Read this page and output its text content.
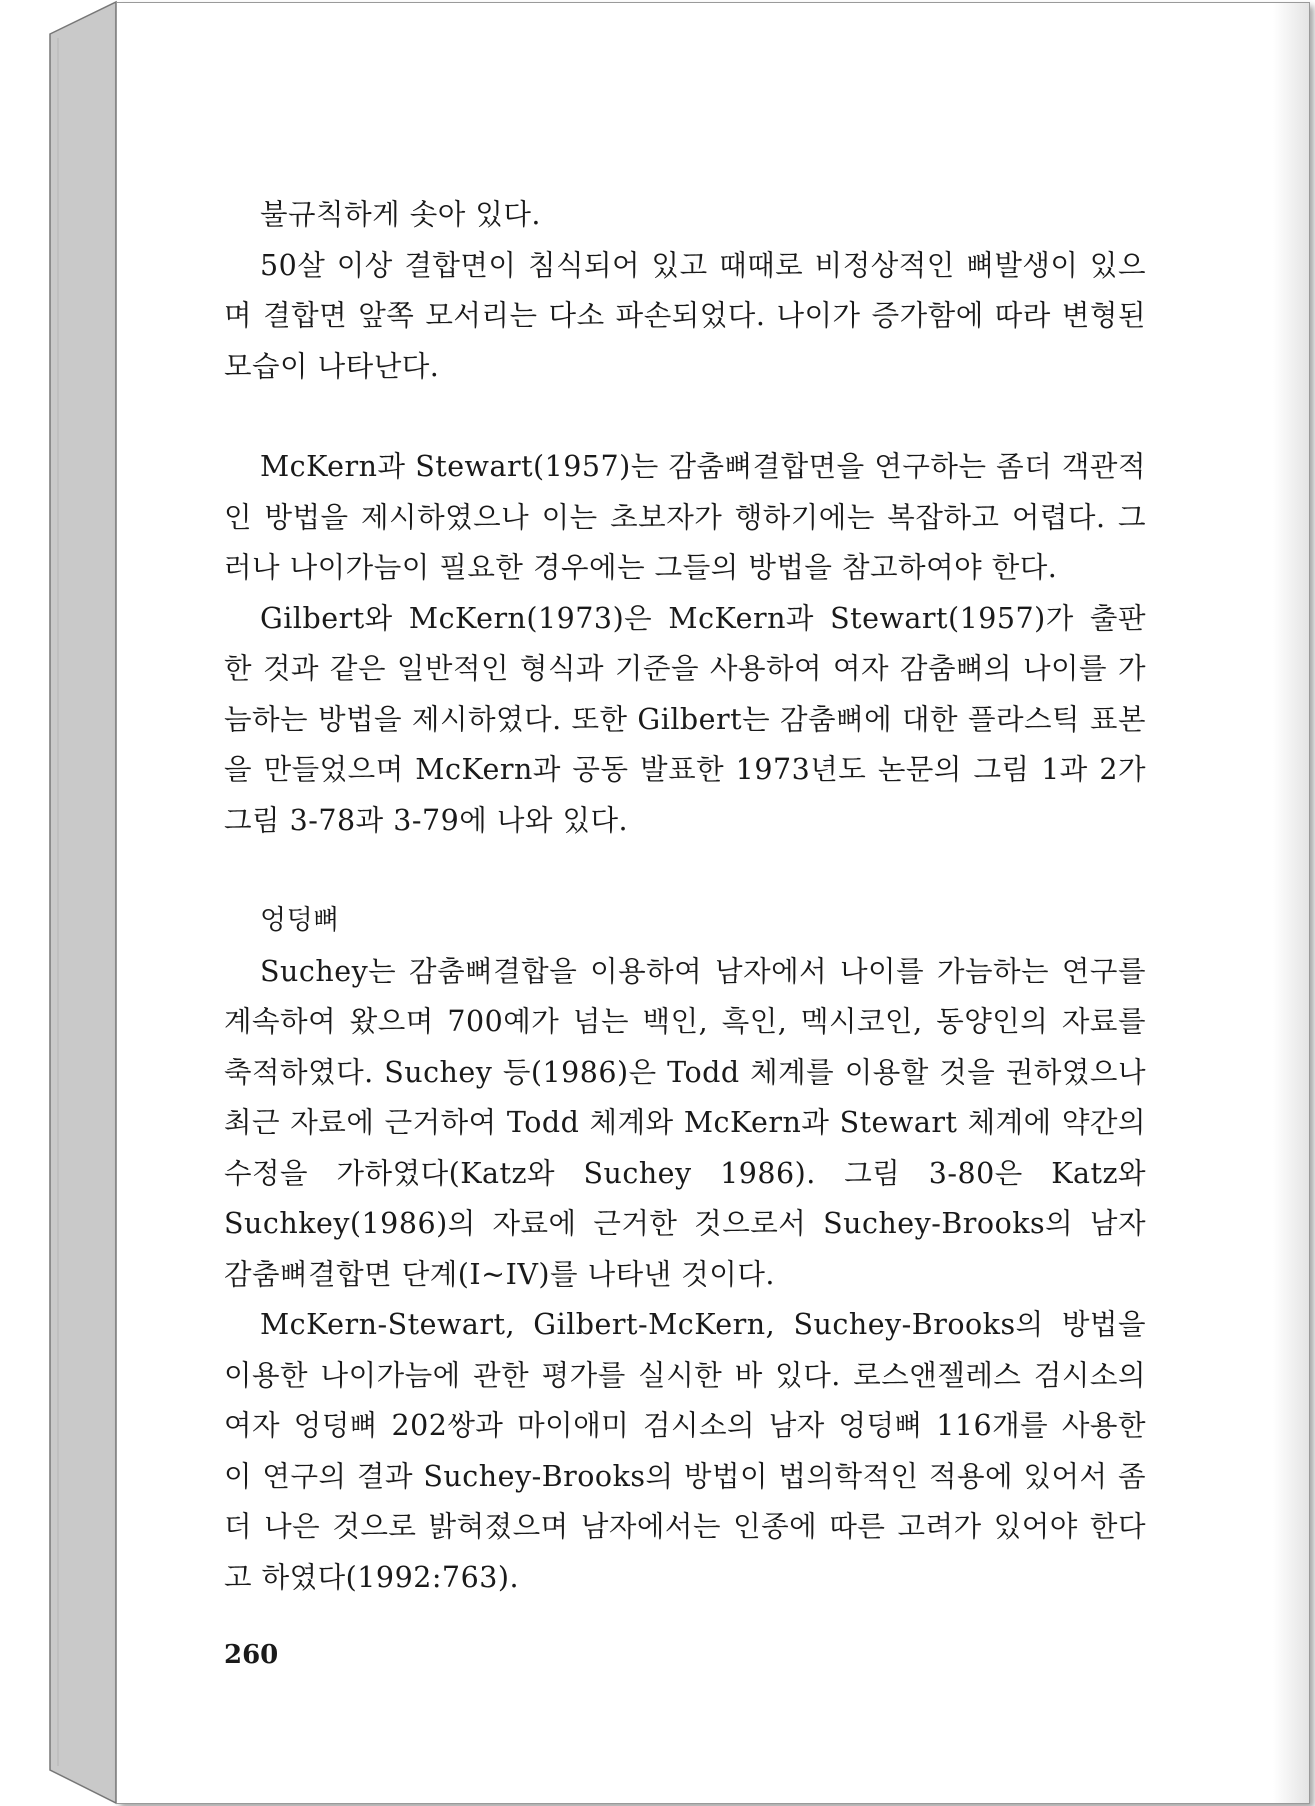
불규칙하게 솟아 있다.

50살 이상 결합면이 침식되어 있고 때때로 비정상적인 뼈발생이 있으며 결합면 앞쪽 모서리는 다소 파손되었다. 나이가 증가함에 따라 변형된 모습이 나타난다.

McKern과 Stewart(1957)는 감춤뼈결합면을 연구하는 좀더 객관적인 방법을 제시하였으나 이는 초보자가 행하기에는 복잡하고 어렵다. 그러나 나이가늠이 필요한 경우에는 그들의 방법을 참고하여야 한다.

Gilbert와 McKern(1973)은 McKern과 Stewart(1957)가 출판한 것과 같은 일반적인 형식과 기준을 사용하여 여자 감춤뼈의 나이를 가늠하는 방법을 제시하였다. 또한 Gilbert는 감춤뼈에 대한 플라스틱 표본을 만들었으며 McKern과 공동 발표한 1973년도 논문의 그림 1과 2가 그림 3-78과 3-79에 나와 있다.

엉덩뼈

Suchey는 감춤뼈결합을 이용하여 남자에서 나이를 가늠하는 연구를 계속하여 왔으며 700예가 넘는 백인, 흑인, 멕시코인, 동양인의 자료를 축적하였다. Suchey 등(1986)은 Todd 체계를 이용할 것을 권하였으나 최근 자료에 근거하여 Todd 체계와 McKern과 Stewart 체계에 약간의 수정을 가하였다(Katz와 Suchey 1986). 그림 3-80은 Katz와 Suchkey(1986)의 자료에 근거한 것으로서 Suchey-Brooks의 남자 감춤뼈결합면 단계(I~IV)를 나타낸 것이다.

McKern-Stewart, Gilbert-McKern, Suchey-Brooks의 방법을 이용한 나이가늠에 관한 평가를 실시한 바 있다. 로스앤젤레스 검시소의 여자 엉덩뼈 202쌍과 마이애미 검시소의 남자 엉덩뼈 116개를 사용한 이 연구의 결과 Suchey-Brooks의 방법이 법의학적인 적용에 있어서 좀더 나은 것으로 밝혀졌으며 남자에서는 인종에 따른 고려가 있어야 한다고 하였다(1992:763).

260
